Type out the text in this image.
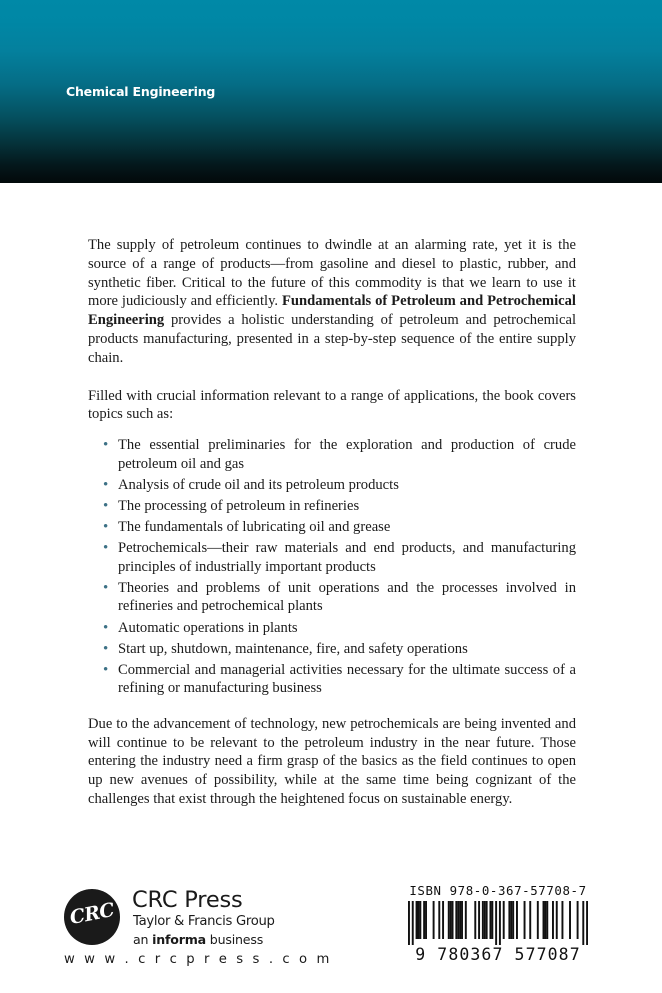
Chemical Engineering

The supply of petroleum continues to dwindle at an alarming rate, yet it is the source of a range of products—from gasoline and diesel to plastic, rubber, and synthetic fiber. Critical to the future of this commodity is that we learn to use it more judiciously and efficiently. Fundamentals of Petroleum and Petrochemical Engineering provides a holistic understanding of petroleum and petrochemical products manufacturing, presented in a step-by-step sequence of the entire supply chain.

Filled with crucial information relevant to a range of applications, the book covers topics such as:

• The essential preliminaries for the exploration and production of crude petroleum oil and gas
• Analysis of crude oil and its petroleum products
• The processing of petroleum in refineries
• The fundamentals of lubricating oil and grease
• Petrochemicals—their raw materials and end products, and manufacturing principles of industrially important products
• Theories and problems of unit operations and the processes involved in refineries and petrochemical plants
• Automatic operations in plants
• Start up, shutdown, maintenance, fire, and safety operations
• Commercial and managerial activities necessary for the ultimate success of a refining or manufacturing business

Due to the advancement of technology, new petrochemicals are being invented and will continue to be relevant to the petroleum industry in the near future. Those entering the industry need a firm grasp of the basics as the field continues to open up new avenues of possibility, while at the same time being cognizant of the challenges that exist through the heightened focus on sustainable energy.

CRC CRC Press
Taylor & Francis Group
an informa business
w w w . c r c p r e s s . c o m
ISBN 978-0-367-57708-7
9 780367 577087
